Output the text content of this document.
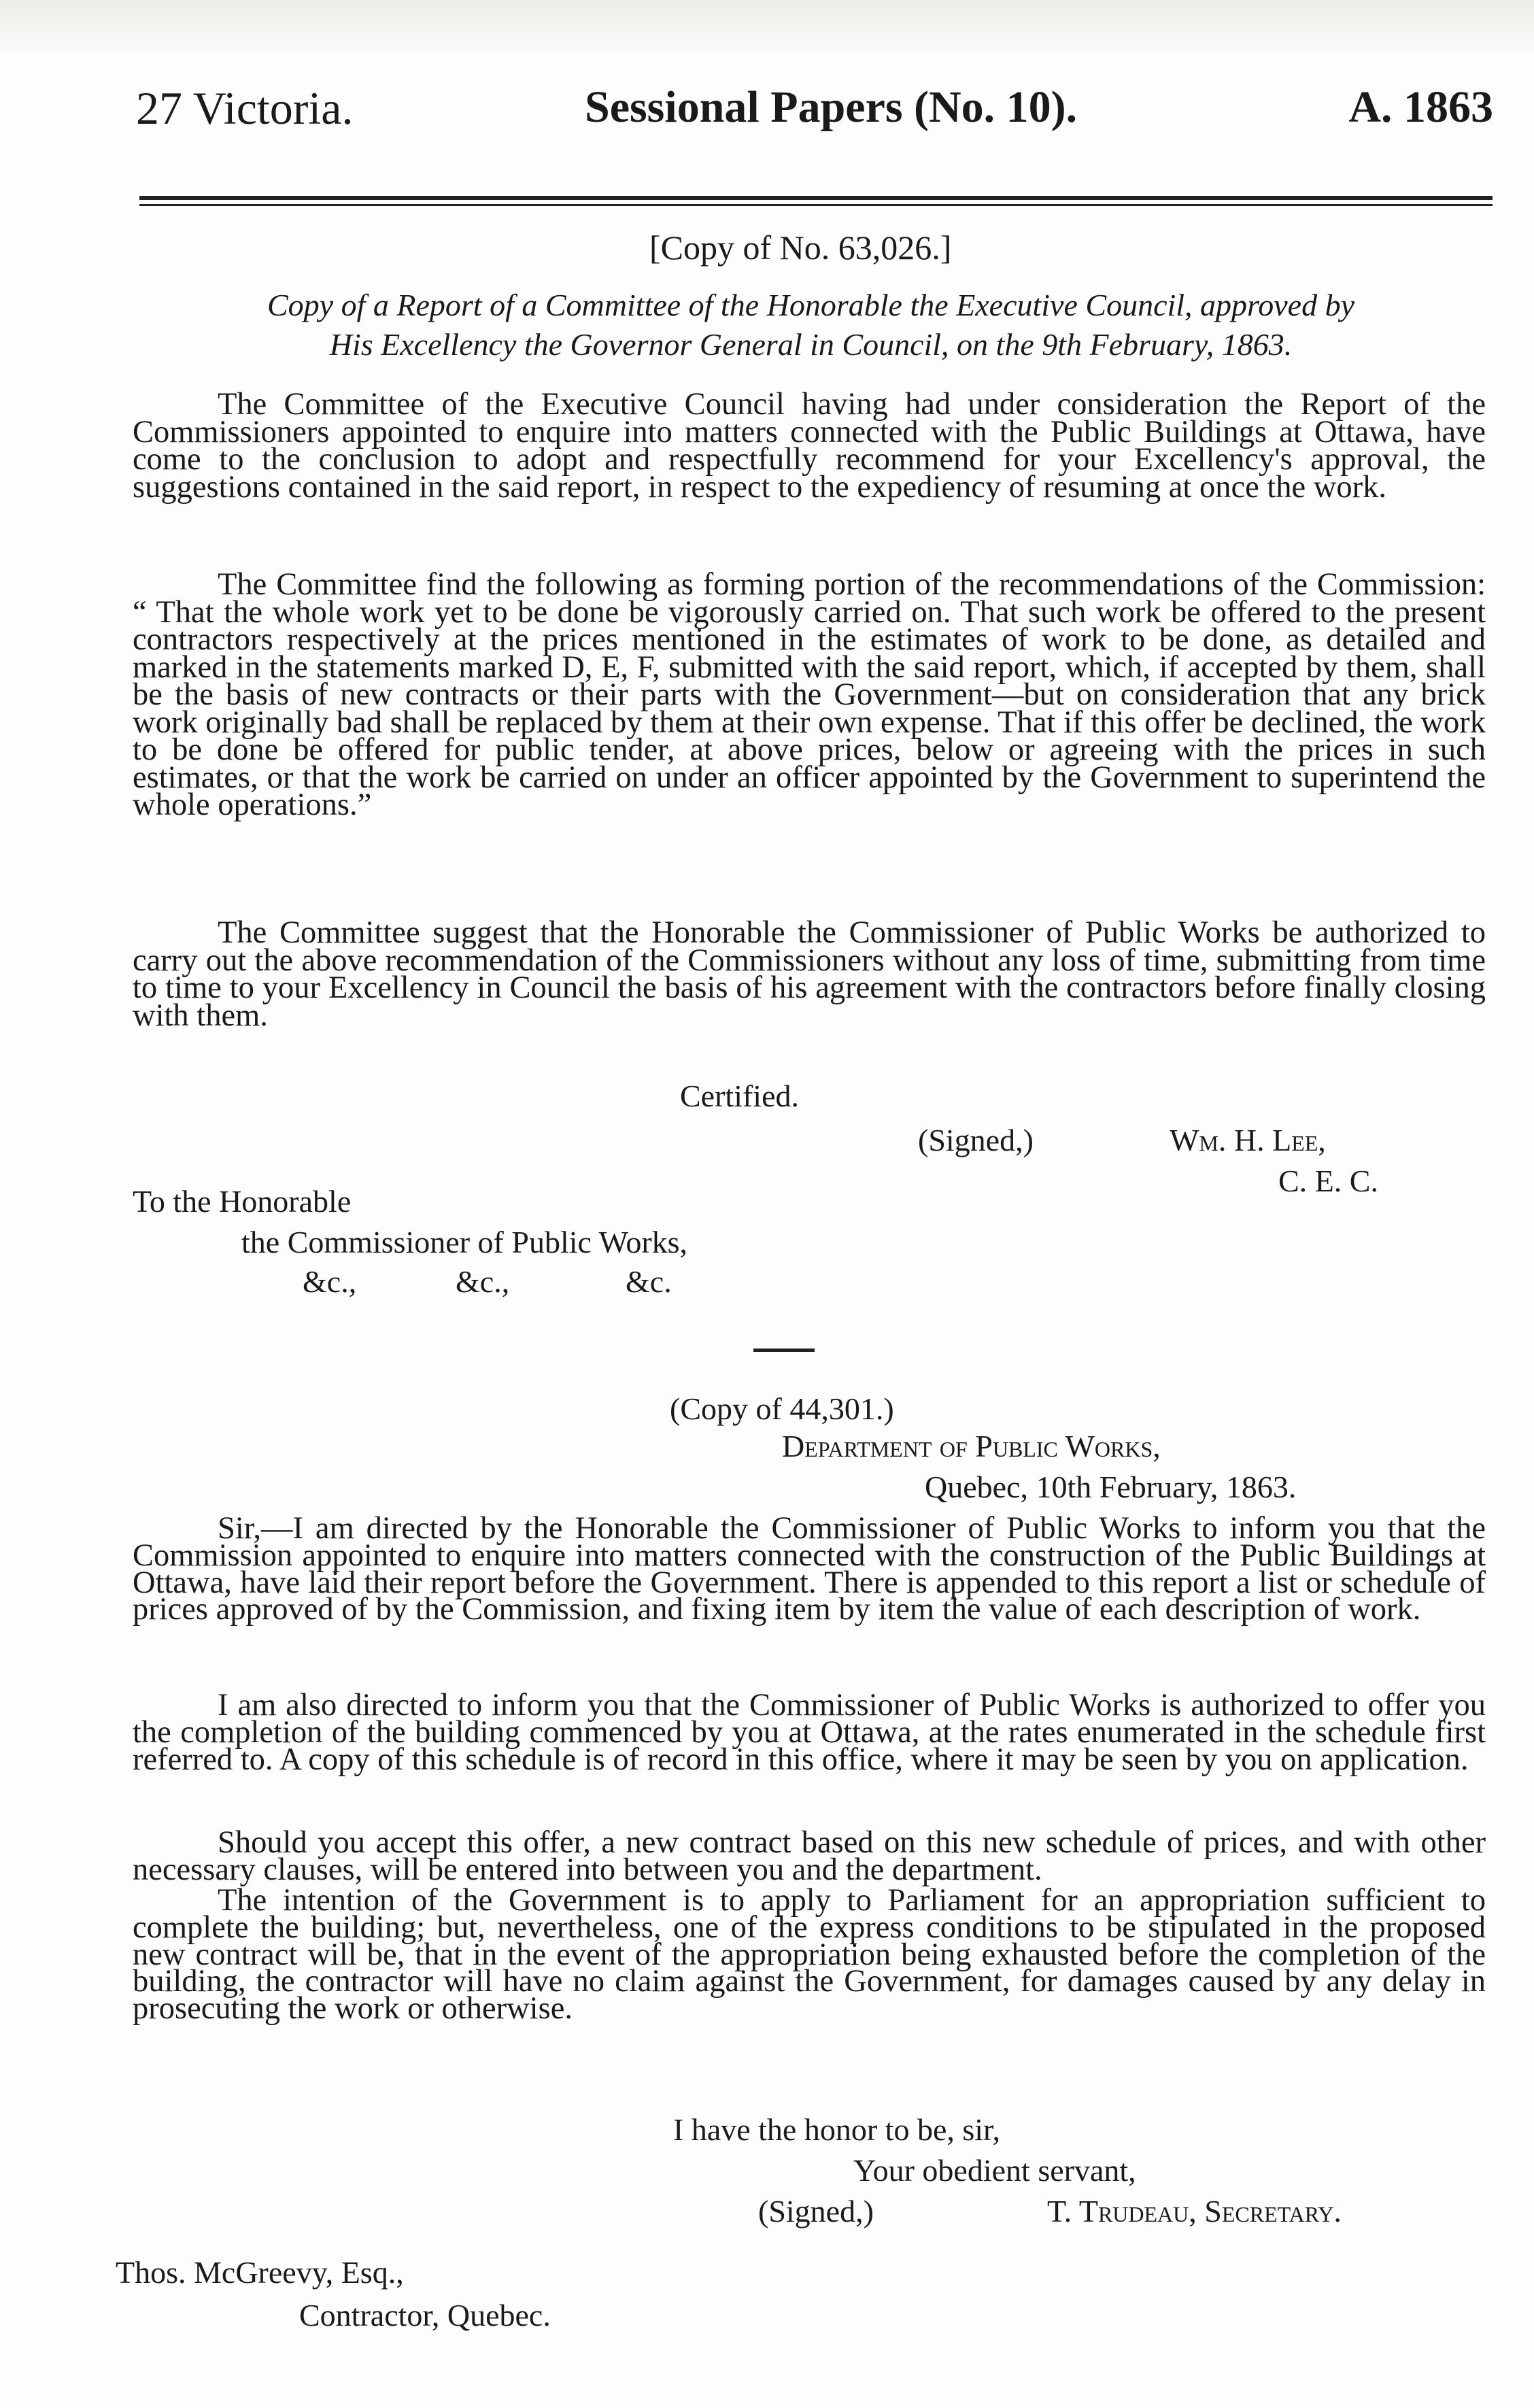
27 Victoria.	Sessional Papers (No. 10).	A. 1863
[Copy of No. 63,026.]
Copy of a Report of a Committee of the Honorable the Executive Council, approved by
His Excellency the Governor General in Council, on the 9th February, 1863.
The Committee of the Executive Council having had under consideration the Report of the Commissioners appointed to enquire into matters connected with the Public Buildings at Ottawa, have come to the conclusion to adopt and respectfully recommend for your Excellency's approval, the suggestions contained in the said report, in respect to the expediency of resuming at once the work.
The Committee find the following as forming portion of the recommendations of the Commission: “ That the whole work yet to be done be vigorously carried on. That such work be offered to the present contractors respectively at the prices mentioned in the estimates of work to be done, as detailed and marked in the statements marked D, E, F, submitted with the said report, which, if accepted by them, shall be the basis of new contracts or their parts with the Government—but on consideration that any brick work originally bad shall be replaced by them at their own expense. That if this offer be declined, the work to be done be offered for public tender, at above prices, below or agreeing with the prices in such estimates, or that the work be carried on under an officer appointed by the Government to superintend the whole operations.”
The Committee suggest that the Honorable the Commissioner of Public Works be authorized to carry out the above recommendation of the Commissioners without any loss of time, submitting from time to time to your Excellency in Council the basis of his agreement with the contractors before finally closing with them.
Certified.
(Signed,)	Wm. H. Lee,
C. E. C.
To the Honorable
the Commissioner of Public Works,
&c.,	&c.,	&c.
(Copy of 44,301.)
Department of Public Works,
Quebec, 10th February, 1863.
Sir,—I am directed by the Honorable the Commissioner of Public Works to inform you that the Commission appointed to enquire into matters connected with the construction of the Public Buildings at Ottawa, have laid their report before the Government. There is appended to this report a list or schedule of prices approved of by the Commission, and fixing item by item the value of each description of work.
I am also directed to inform you that the Commissioner of Public Works is authorized to offer you the completion of the building commenced by you at Ottawa, at the rates enumerated in the schedule first referred to. A copy of this schedule is of record in this office, where it may be seen by you on application.
Should you accept this offer, a new contract based on this new schedule of prices, and with other necessary clauses, will be entered into between you and the department.
The intention of the Government is to apply to Parliament for an appropriation sufficient to complete the building; but, nevertheless, one of the express conditions to be stipulated in the proposed new contract will be, that in the event of the appropriation being exhausted before the completion of the building, the contractor will have no claim against the Government, for damages caused by any delay in prosecuting the work or otherwise.
I have the honor to be, sir,
Your obedient servant,
(Signed,)	T. Trudeau, Secretary.
Thos. McGreevy, Esq.,
Contractor, Quebec.
